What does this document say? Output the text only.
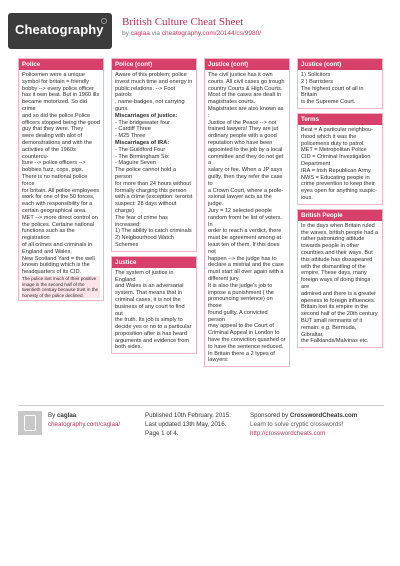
Cheatography British Culture Cheat Sheet
by caglaa via cheatography.com/20144/cs/9980/
Police

Policemen were a unique

symbol for britain = friendly

bobby --> every police officer

has it own beat. But in 1960 ills

became motorized. So did crime

and so did the police.Police

officers stopped being the good

guy that they were. They

were dealing with alot of

demonstrations and with the

activities of the 1960s countercu-

lture --> police officers -->

bobbies fuzz, cops, pigs.

There is no national police force

for britain. All police employees

work for one of the 50 forces,

each with responsibility for a

certain geographical area.

MET --> more direct control on

the polices. Certaine national

functions such as the registration

of all crimes and criminals in

England and Wales.

New Scotland Yard = the well

known building which is the

headquarters of its CID.

The police lost much of their positive

image in the second half of the

twentieth century because trust in the

honesty of the police declined.

Police (cont)

Aware of this problem; police

invest much time and energy in

public relations. --> Foot patrols

, name-badges, not carrying

guns.

Miscarriages of justice:

- The bridgewater four

- Cardiff Three

- M25 Three

Miscarriages of IRA:

- The Guildford Four

- The Birmingham Six

- Maguire Seven

The police cannot hold a person

for more than 24 hours without

formally charging this person

with a crime (exception: terorist

suspect: 28 days without

charge)

The fear of crime has increased:

1) The ability to catch criminals

2) Neigbourhood Watch

Schemes

Justice

The system of justice in England

and Wales is an adversarial

system. That means that in

criminal cases, it is not the

business of any court to find out

the truth. Its job is simply to

decide yes or no to a particular

proposition after is has heard

arguments and evidence from

both sides.

Justice (cont)

The civil justice has it own

courts. All civil cases go trough

country Courts & High Courts.

Most of the cases are dealt in

magistrates courts.

Magistrates are also known as :

Justice of the Peace --> not

trained lawyers! They are jut

ordinary people with a good

reputation who have been

appointed to the job by a local

committee and they do not get a

salary or fee. When a JP says

guilty, then they refer the case to

a Crown Court, where a profe-

ssional lawyer acts as the judge.

Jury = 12 selected people

random fromt he list of voters. In

order to reach a verdict, there

must be agreement among at

least ten of them. If this does not

happen --> the judge has to

declare a mistrial and the case

must start all over again with a

different jury.

It is also the judge's job to

impose a punishment ( the

pronouncing sentence) on those

found guilty. A convicted person

may appeal to the Court of

Criminal Appeal in London to

have the conviction quashed or

to have the sentence reduced.

In Britain there a 2 types of

lawyers:

Justice (cont)

1) Solicitors

2 ) Barristers

The highest court of all in Britain

is the Supreme Court.

Terms

Beat = A particular neighbou-

rhood which it was the

policemens duty to patrol.

MET = Metropolitan Police

CID = Criminal Investigation

Department

IRA = Irish Republican Army

NWS = Educating people in

crime prevention to keep their

eyes open for anything suspic-

ious.

British People

In the days when Britain ruled

the waves, british people had a

rather patronizing attitude

towards people in other

countries and their ways. But

this attitude has dissapeared

with the dismantling of the

empire. These days, many

foreign ways of doing things are

admired and there is a greater

openess to foreign influences.

Britain lost its empire in the

second half of the 20th century

BUT small remnants of it

remain: e.g. Bermuda, Gibraltar,

the Falklands/Malvinas etc.

By caglaa
cheatography.com/caglaa/
Published 10th February, 2015.
Last updated 13th May, 2016.
Page 1 of 4.
Sponsored by CrosswordCheats.com
Learn to solve cryptic crosswords!
http://crosswordcheats.com
